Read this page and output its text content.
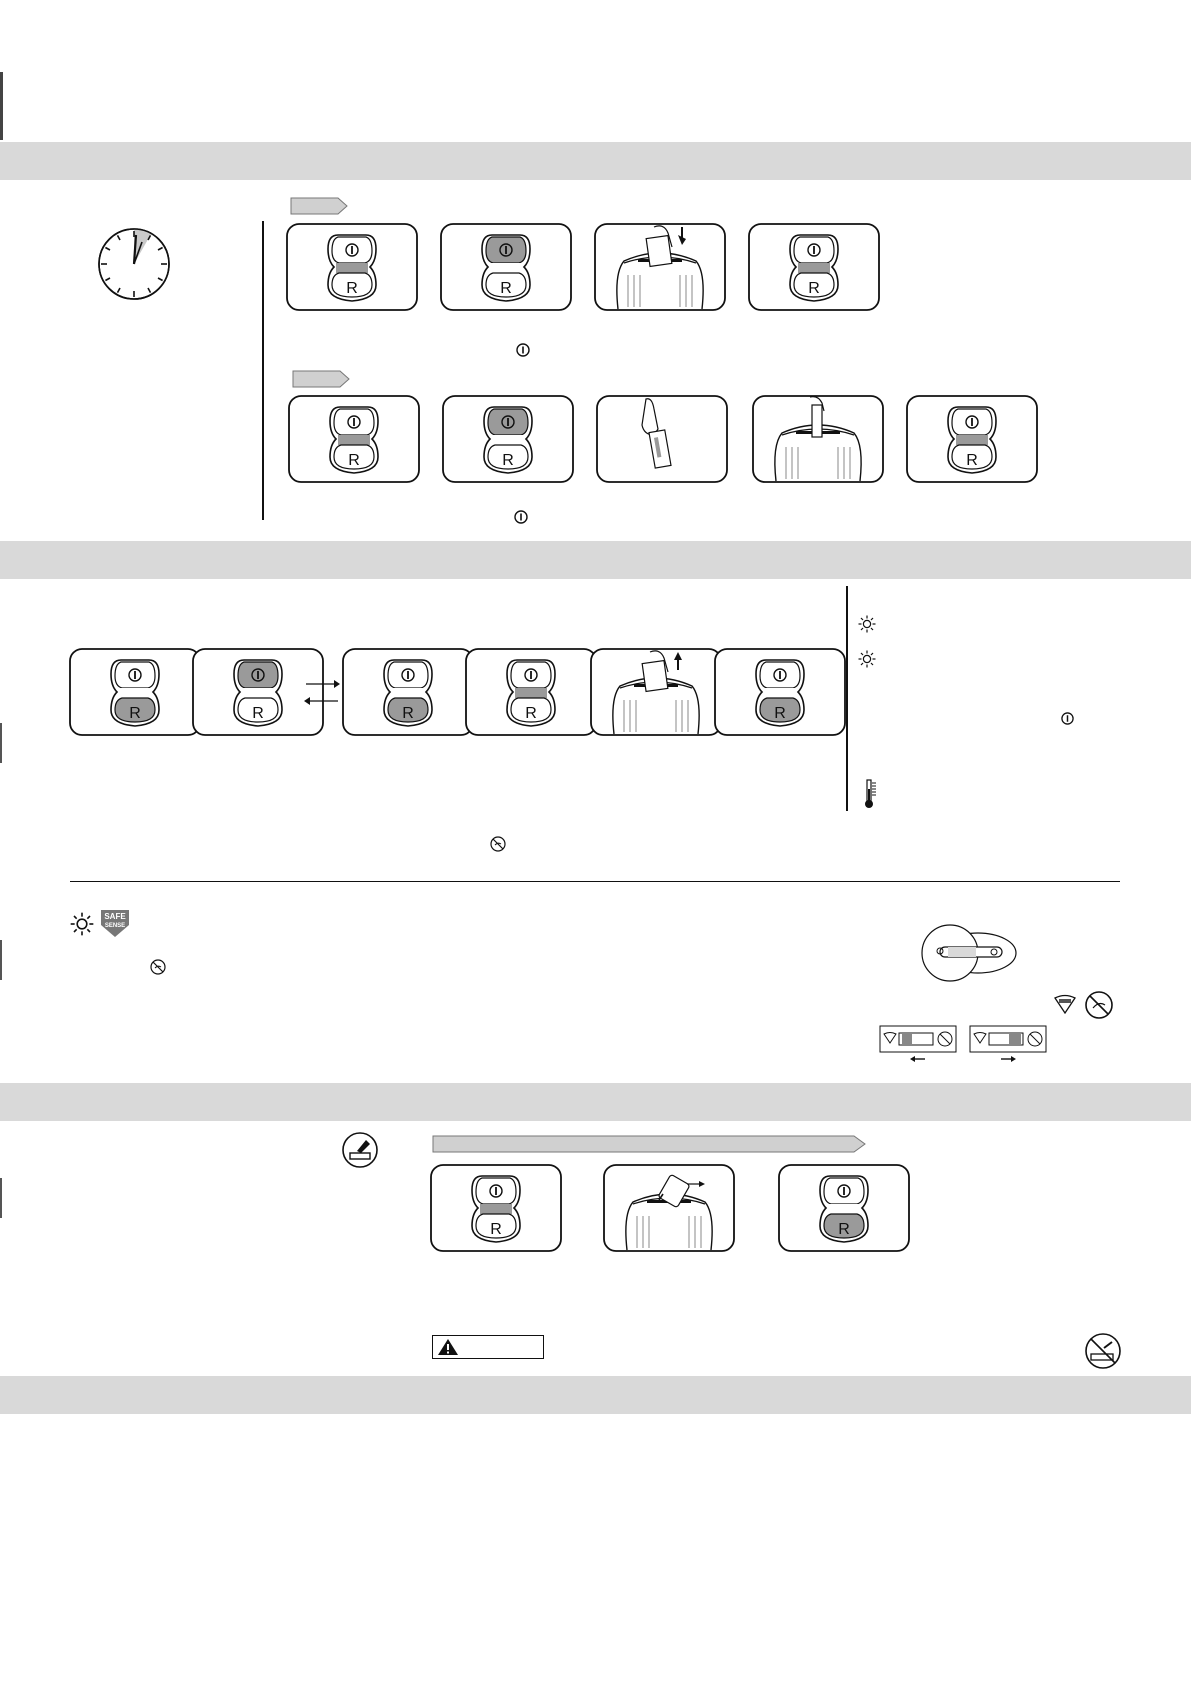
R	R	R
R	R	R
R	R	R	R	R
R	R
SAFE
SENSE
